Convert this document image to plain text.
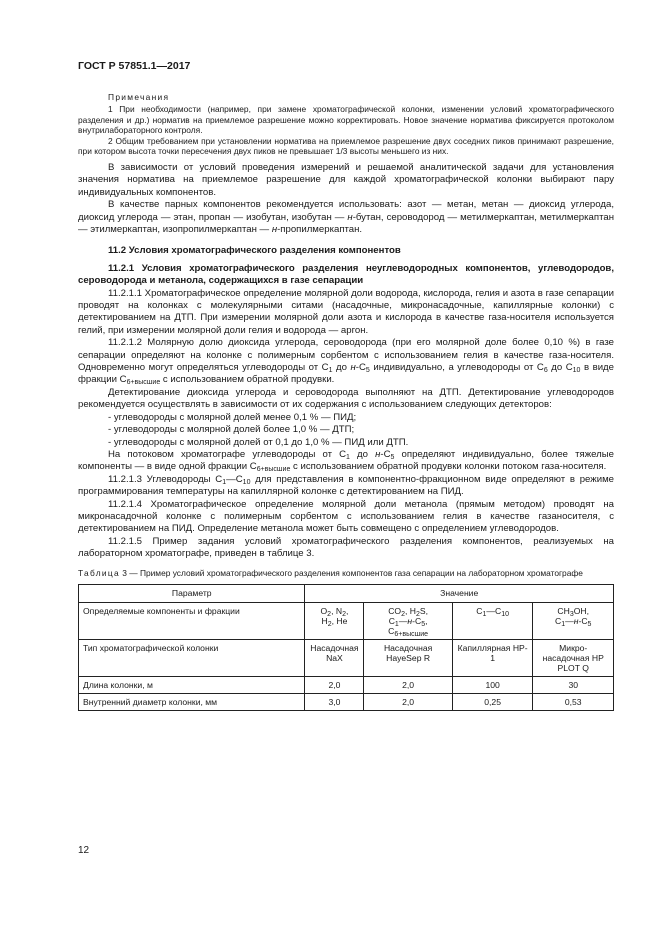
ГОСТ Р 57851.1—2017
Примечания

1 При необходимости (например, при замене хроматографической колонки, изменении условий хроматографического разделения и др.) норматив на приемлемое разрешение можно корректировать. Новое значение норматива фиксируется протоколом внутрилабораторного контроля.

2 Общим требованием при установлении норматива на приемлемое разрешение двух соседних пиков принимают разрешение, при котором высота точки пересечения двух пиков не превышает 1/3 высоты меньшего из них.

В зависимости от условий проведения измерений и решаемой аналитической задачи для установления значения норматива на приемлемое разрешение для каждой хроматографической колонки выбирают пару индивидуальных компонентов.

В качестве парных компонентов рекомендуется использовать: азот — метан, метан — диоксид углерода, диоксид углерода — этан, пропан — изобутан, изобутан — н-бутан, сероводород — метилмеркаптан, метилмеркаптан — этилмеркаптан, изопропилмеркаптан — н-пропилмеркаптан.

11.2 Условия хроматографического разделения компонентов

11.2.1 Условия хроматографического разделения неуглеводородных компонентов, углеводородов, сероводорода и метанола, содержащихся в газе сепарации

11.2.1.1 Хроматографическое определение молярной доли водорода, кислорода, гелия и азота в газе сепарации проводят на колонках с молекулярными ситами (насадочные, микронасадочные, капиллярные колонки) с детектированием на ДТП. При измерении молярной доли азота и кислорода в качестве газа-носителя используется гелий, при измерении молярной доли гелия и водорода — аргон.

11.2.1.2 Молярную долю диоксида углерода, сероводорода (при его молярной доле более 0,10 %) в газе сепарации определяют на колонке с полимерным сорбентом с использованием гелия в качестве газа-носителя. Одновременно могут определяться углеводороды от $С_1$ до $н-С_5$ индивидуально, а углеводороды от $С_6$ до $С_{10}$ в виде фракции $С_{6+высшие}$ с использованием обратной продувки.

Детектирование диоксида углерода и сероводорода выполняют на ДТП. Детектирование углеводородов рекомендуется осуществлять в зависимости от их содержания с использованием следующих детекторов:

- углеводороды с молярной долей менее 0,1 % — ПИД;

- углеводороды с молярной долей более 1,0 % — ДТП;

- углеводороды с молярной долей от 0,1 до 1,0 % — ПИД или ДТП.

На потоковом хроматографе углеводороды от $С_1$ до $н-С_5$ определяют индивидуально, более тяжелые компоненты — в виде одной фракции $С_{6+высшие}$ с использованием обратной продувки колонки потоком газа-носителя.

11.2.1.3 Углеводороды $С_1—С_{10}$ для представления в компонентно-фракционном виде определяют в режиме программирования температуры на капиллярной колонке с детектированием на ПИД.

11.2.1.4 Хроматографическое определение молярной доли метанола (прямым методом) проводят на микронасадочной колонке с полимерным сорбентом с использованием гелия в качестве газаносителя, с детектированием на ПИД. Определение метанола может быть совмещено с определением углеводородов.

11.2.1.5 Пример задания условий хроматографического разделения компонентов, реализуемых на лабораторном хроматографе, приведен в таблице 3.

Таблица 3 — Пример условий хроматографического разделения компонентов газа сепарации на лабораторном хроматографе

Параметр	Значение			
Определяемые компоненты и фракции	$O_2$, $N_2$,
$H_2$, He	$CO_2$, $H_2S$,
$C_1—н-C_5$,
$С_{6+высшие}$	$C_1—C_{10}$	$CH_3OH$,
$C_1—н-C_5$
Тип хроматографической колонки	Насадочная NaX	Насадочная HayeSep R	Капиллярная HP-1	Микронасадочная HP PLOT Q
Длина колонки, м	2,0	2,0	100	30
Внутренний диаметр колонки, мм	3,0	2,0	0,25	0,53
12
